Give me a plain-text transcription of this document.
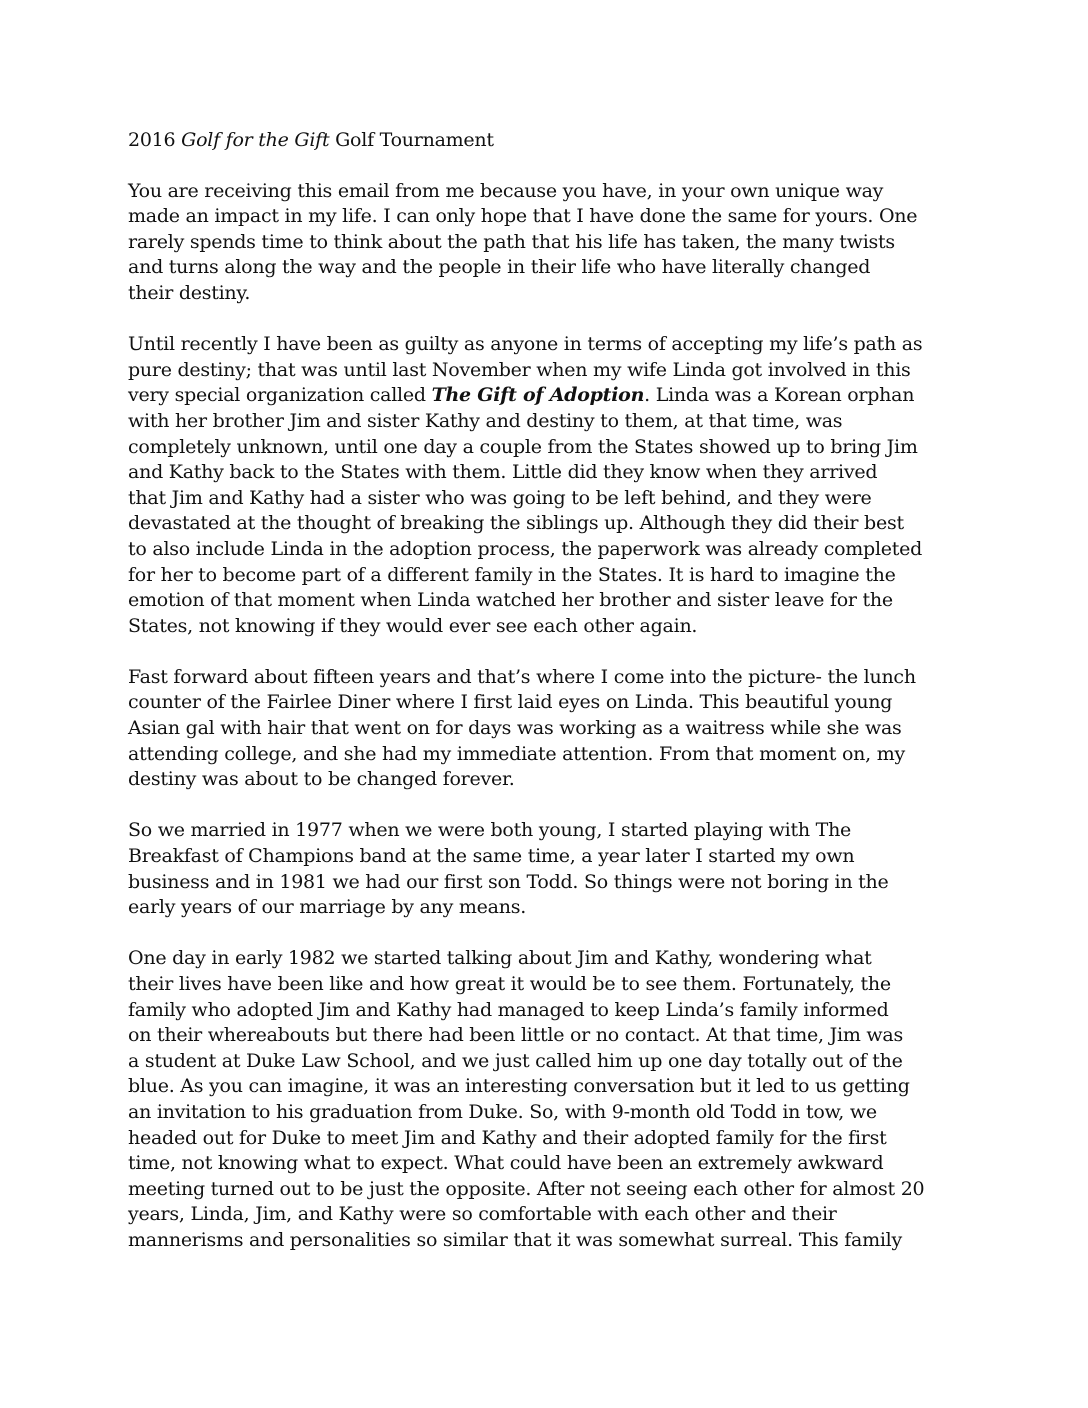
2016 Golf for the Gift Golf Tournament
You are receiving this email from me because you have, in your own unique way
made an impact in my life. I can only hope that I have done the same for yours. One
rarely spends time to think about the path that his life has taken, the many twists
and turns along the way and the people in their life who have literally changed
their destiny.
Until recently I have been as guilty as anyone in terms of accepting my life’s path as
pure destiny; that was until last November when my wife Linda got involved in this
very special organization called The Gift of Adoption. Linda was a Korean orphan
with her brother Jim and sister Kathy and destiny to them, at that time, was
completely unknown, until one day a couple from the States showed up to bring Jim
and Kathy back to the States with them. Little did they know when they arrived
that Jim and Kathy had a sister who was going to be left behind, and they were
devastated at the thought of breaking the siblings up. Although they did their best
to also include Linda in the adoption process, the paperwork was already completed
for her to become part of a different family in the States. It is hard to imagine the
emotion of that moment when Linda watched her brother and sister leave for the
States, not knowing if they would ever see each other again.
Fast forward about fifteen years and that’s where I come into the picture- the lunch
counter of the Fairlee Diner where I first laid eyes on Linda. This beautiful young
Asian gal with hair that went on for days was working as a waitress while she was
attending college, and she had my immediate attention. From that moment on, my
destiny was about to be changed forever.
So we married in 1977 when we were both young, I started playing with The
Breakfast of Champions band at the same time, a year later I started my own
business and in 1981 we had our first son Todd. So things were not boring in the
early years of our marriage by any means.
One day in early 1982 we started talking about Jim and Kathy, wondering what
their lives have been like and how great it would be to see them. Fortunately, the
family who adopted Jim and Kathy had managed to keep Linda’s family informed
on their whereabouts but there had been little or no contact. At that time, Jim was
a student at Duke Law School, and we just called him up one day totally out of the
blue. As you can imagine, it was an interesting conversation but it led to us getting
an invitation to his graduation from Duke. So, with 9-month old Todd in tow, we
headed out for Duke to meet Jim and Kathy and their adopted family for the first
time, not knowing what to expect. What could have been an extremely awkward
meeting turned out to be just the opposite. After not seeing each other for almost 20
years, Linda, Jim, and Kathy were so comfortable with each other and their
mannerisms and personalities so similar that it was somewhat surreal. This family
